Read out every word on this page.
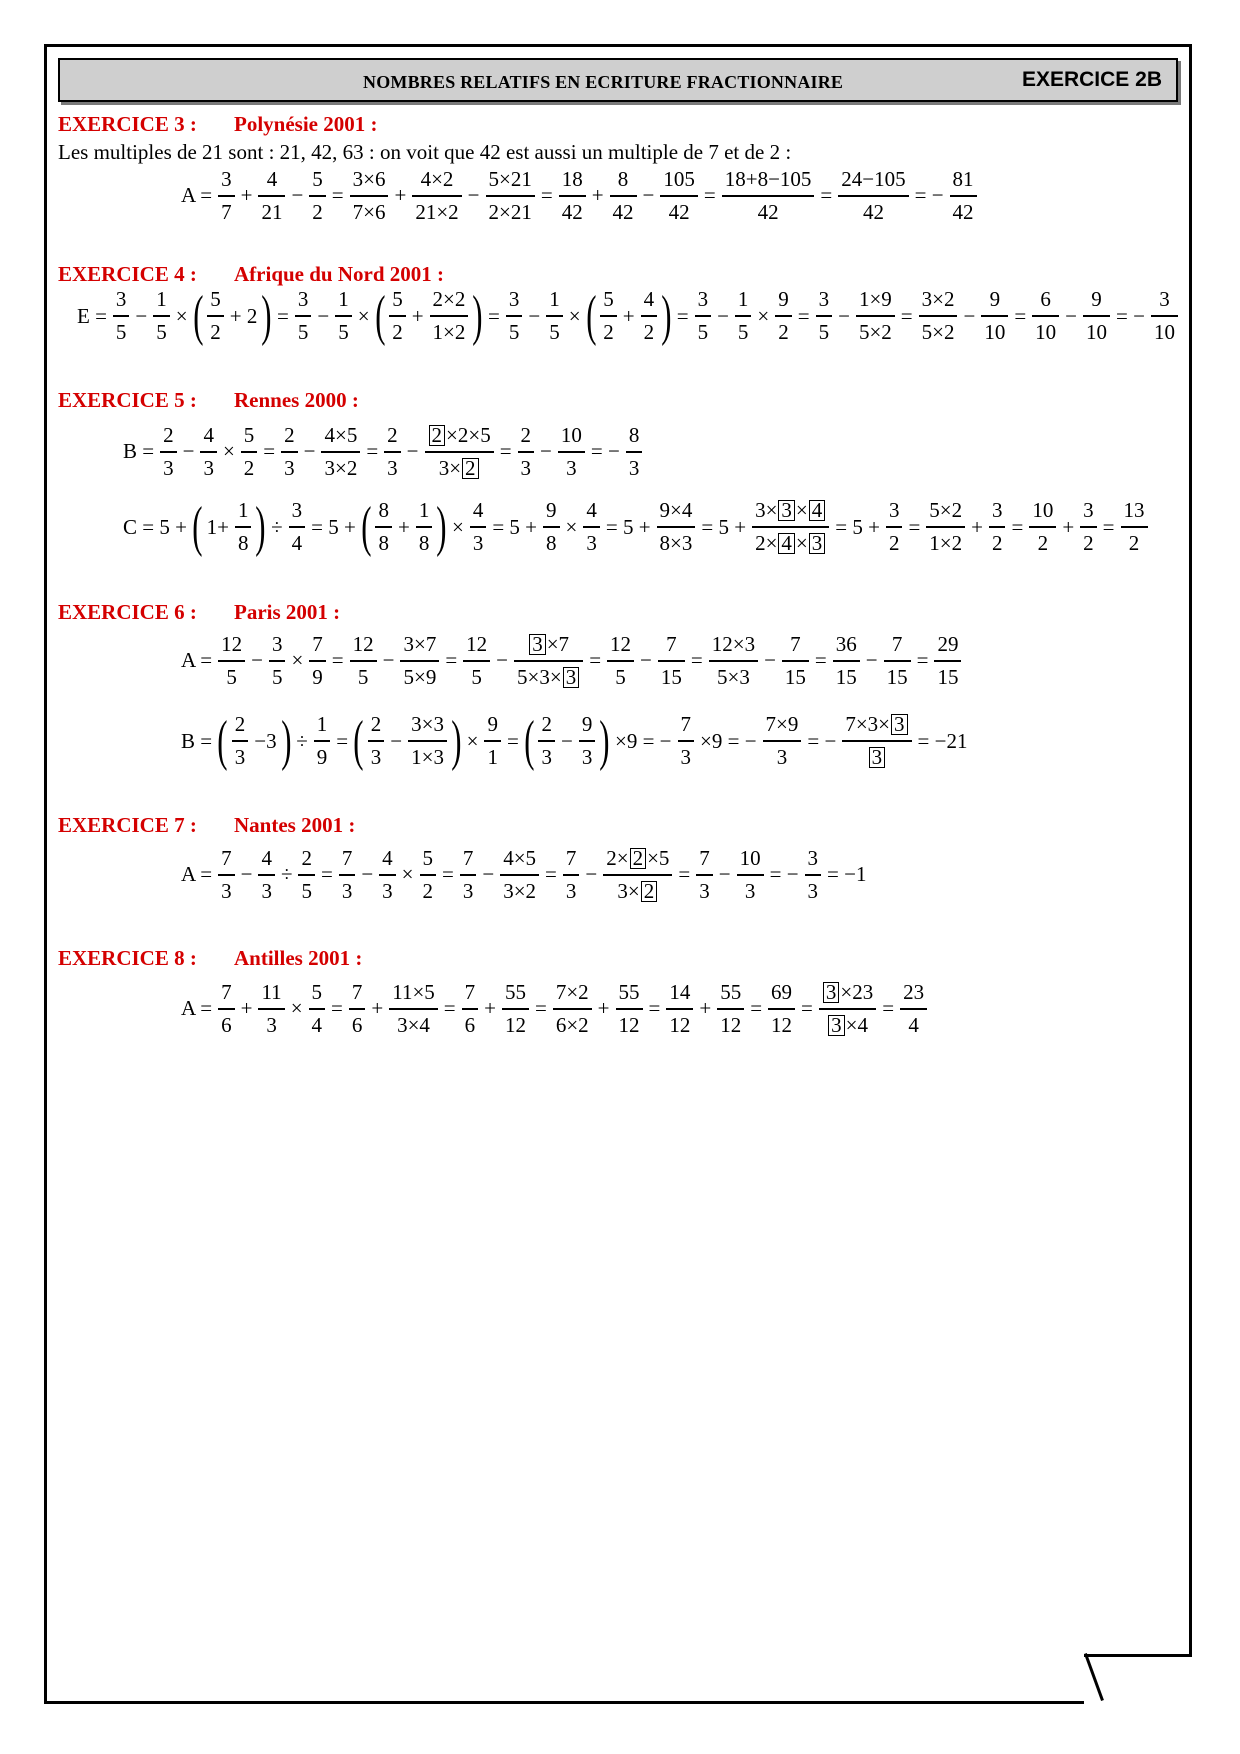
NOMBRES RELATIFS EN ECRITURE FRACTIONNAIRE	EXERCICE 2B
EXERCICE 3 : Polynésie 2001 :
Les multiples de 21 sont : 21, 42, 63 : on voit que 42 est aussi un multiple de 7 et de 2 :
$A = \frac{3}{7} + \frac{4}{21} - \frac{5}{2} = \frac{3\times 6}{7\times 6} + \frac{4\times 2}{21\times 2} - \frac{5\times 21}{2\times 21} = \frac{18}{42} + \frac{8}{42} - \frac{105}{42} = \frac{18+8-105}{42} = \frac{24-105}{42}$ = − $\frac{81}{42}$
EXERCICE 4 : Afrique du Nord 2001 :
$E = \frac{3}{5} - \frac{1}{5}$ × ( $\frac{5}{2} + 2$ ) = $\frac{3}{5} - \frac{1}{5}$ × ( $\frac{5}{2} + \frac{2\times 2}{1\times 2}$ ) = $\frac{3}{5} - \frac{1}{5}$ × ( $\frac{5}{2} + \frac{4}{2}$ ) = $\frac{3}{5} - \frac{1}{5} \times \frac{9}{2} = \frac{3}{5} - \frac{1\times 9}{5\times 2} = \frac{3\times 2}{5\times 2} - \frac{9}{10} = \frac{6}{10} - \frac{9}{10}$ = − $\frac{3}{10}$
EXERCICE 5 : Rennes 2000 :
$B = \frac{2}{3} - \frac{4}{3} \times \frac{5}{2} = \frac{2}{3} - \frac{4\times 5}{3\times 2} = \frac{2}{3} - \frac{2 \times 2\times 5}{3\times 2} = \frac{2}{3} - \frac{10}{3}$ = − $\frac{8}{3}$
C = 5 + ( $1+ \frac{1}{8}$ ) ÷ $\frac{3}{4} = 5$ + ( $\frac{8}{8} + \frac{1}{8}$ ) × $\frac{4}{3} = 5 + \frac{9}{8} \times \frac{4}{3} = 5 + \frac{9\times 4}{8\times 3} = 5 + \frac{3\times 3 \times 4}{2\times 4 \times 3} = 5 + \frac{3}{2} = \frac{5\times 2}{1\times 2} + \frac{3}{2} = \frac{10}{2} + \frac{3}{2} = \frac{13}{2}$
EXERCICE 6 : Paris 2001 :
$A = \frac{12}{5} - \frac{3}{5} \times \frac{7}{9} = \frac{12}{5} - \frac{3\times 7}{5\times 9} = \frac{12}{5} - \frac{3 \times 7}{5\times 3\times 3} = \frac{12}{5} - \frac{7}{15} = \frac{12\times 3}{5\times 3} - \frac{7}{15} = \frac{36}{15} - \frac{7}{15} = \frac{29}{15}$
B = ( $\frac{2}{3} -3$ ) ÷ $\frac{1}{9}$ = ( $\frac{2}{3} - \frac{3\times 3}{1\times 3}$ ) × $\frac{9}{1}$ = ( $\frac{2}{3} - \frac{9}{3}$ ) ×9 = − $\frac{7}{3} \times 9$ = − $\frac{7\times 9}{3}$ = − $\frac{7\times 3\times 3}{3} = -21$
EXERCICE 7 : Nantes 2001 :
$A = \frac{7}{3} - \frac{4}{3} \div \frac{2}{5} = \frac{7}{3} - \frac{4}{3} \times \frac{5}{2} = \frac{7}{3} - \frac{4\times 5}{3\times 2} = \frac{7}{3} - \frac{2\times 2 \times 5}{3\times 2} = \frac{7}{3} - \frac{10}{3}$ = − $\frac{3}{3} = -1$
EXERCICE 8 : Antilles 2001 :
$A = \frac{7}{6} + \frac{11}{3} \times \frac{5}{4} = \frac{7}{6} + \frac{11\times 5}{3\times 4} = \frac{7}{6} + \frac{55}{12} = \frac{7\times 2}{6\times 2} + \frac{55}{12} = \frac{14}{12} + \frac{55}{12} = \frac{69}{12} = \frac{3 \times 23}{3 \times 4} = \frac{23}{4}$
